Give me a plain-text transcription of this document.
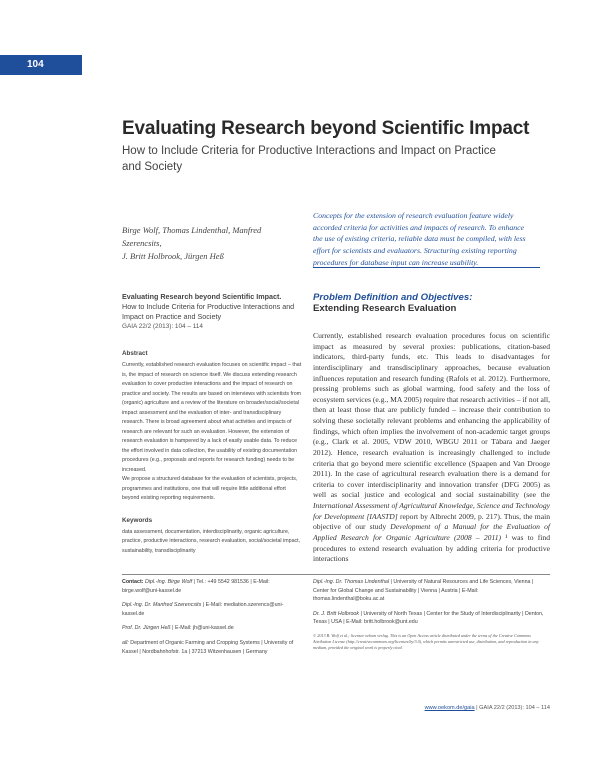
104
Evaluating Research beyond Scientific Impact
How to Include Criteria for Productive Interactions and Impact on Practice and Society
Birge Wolf, Thomas Lindenthal, Manfred Szerencsits,
J. Britt Holbrook, Jürgen Heß
Concepts for the extension of research evaluation feature widely accorded criteria for activities and impacts of research. To enhance the use of existing criteria, reliable data must be compiled, with less effort for scientists and evaluators. Structuring existing reporting procedures for database input can increase usability.
Evaluating Research beyond Scientific Impact.
How to Include Criteria for Productive Interactions and Impact on Practice and Society
GAIA 22/2 (2013): 104 – 114
Abstract

Currently, established research evaluation focuses on scientific impact – that is, the impact of research on science itself. We discuss extending research evaluation to cover productive interactions and the impact of research on practice and society. The results are based on interviews with scientists from (organic) agriculture and a review of the literature on broader/social/societal impact assessment and the evaluation of inter- and transdisciplinary research. There is broad agreement about what activities and impacts of research are relevant for such an evaluation. However, the extension of research evaluation is hampered by a lack of easily usable data. To reduce the effort involved in data collection, the usability of existing documentation procedures (e.g., proposals and reports for research funding) needs to be increased.

We propose a structured database for the evaluation of scientists, projects, programmes and institutions, one that will require little additional effort beyond existing reporting requirements.

Keywords
data assessment, documentation, interdisciplinarity, organic agriculture, practice, productive interactions, research evaluation, social/societal impact, sustainability, transdisciplinarity
Problem Definition and Objectives:
Extending Research Evaluation
Currently, established research evaluation procedures focus on scientific impact as measured by several proxies: publications, citation-based indicators, third-party funds, etc. This leads to disadvantages for interdisciplinary and transdisciplinary approaches, because evaluation influences reputation and research funding (Rafols et al. 2012). Furthermore, pressing problems such as global warming, food safety and the loss of ecosystem services (e.g., MA 2005) require that research activities – if not all, then at least those that are publicly funded – increase their contribution to solving these societally relevant problems and enhancing the applicability of findings, which often implies the involvement of non-academic target groups (e.g., Clark et al. 2005, VDW 2010, WBGU 2011 or Tàbara and Jaeger 2012). Hence, research evaluation is increasingly challenged to include criteria that go beyond mere scientific excellence (Spaapen and Van Drooge 2011). In the case of agricultural research evaluation there is a demand for criteria to cover interdisciplinarity and innovation transfer (DFG 2005) as well as social justice and ecological and social sustainability (see the International Assessment of Agricultural Knowledge, Science and Technology for Development [IAASTD] report by Albrecht 2009, p. 217). Thus, the main objective of our study Development of a Manual for the Evaluation of Applied Research for Organic Agriculture (2008 – 2011) ¹ was to find procedures to extend research evaluation by adding criteria for productive interactions
Contact: Dipl.-Ing. Birge Wolf | Tel.: +49 5542 981536 | E-Mail: birge.wolf@uni-kassel.de
Dipl.-Ing. Dr. Manfred Szerencsits | E-Mail: mediation.szerencs@uni-kassel.de
Prof. Dr. Jürgen Heß | E-Mail: jh@uni-kassel.de
all: Department of Organic Farming and Cropping Systems | University of Kassel | Nordbahnhofstr. 1a | 37213 Witzenhausen | Germany
Dipl.-Ing. Dr. Thomas Lindenthal | University of Natural Resources and Life Sciences, Vienna | Center for Global Change and Sustainability | Vienna | Austria | E-Mail: thomas.lindenthal@boku.ac.at
Dr. J. Britt Holbrook | University of North Texas | Center for the Study of Interdisciplinarity | Denton, Texas | USA | E-Mail: britt.holbrook@unt.edu
© 2013 B. Wolf et al.; licensee oekom verlag. This is an Open Access article distributed under the terms of the Creative Commons Attribution License (http://creativecommons.org/licenses/by/3.0), which permits unrestricted use, distribution, and reproduction in any medium, provided the original work is properly cited.
www.oekom.de/gaia | GAIA 22/2 (2013): 104 – 114
